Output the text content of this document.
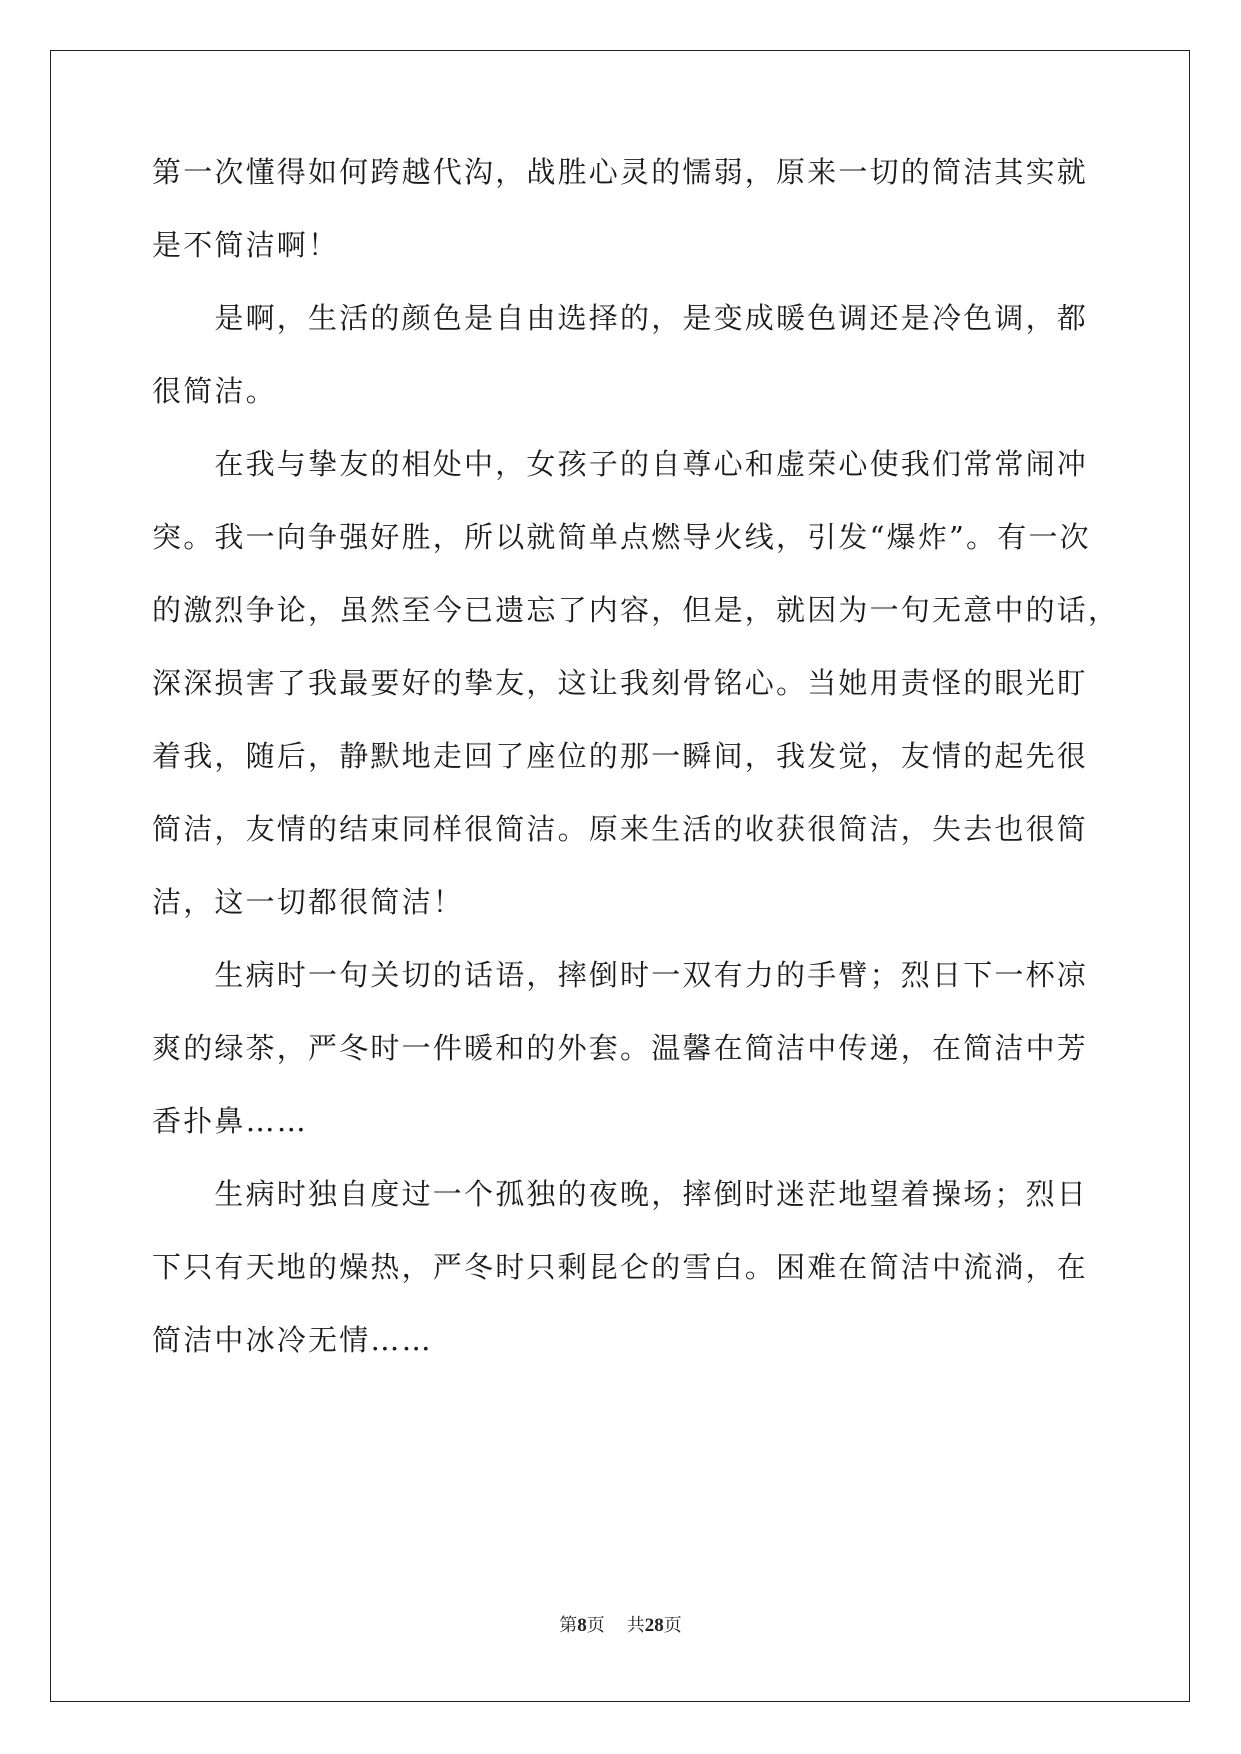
第一次懂得如何跨越代沟，战胜心灵的懦弱，原来一切的简洁其实就
是不简洁啊！
　　是啊，生活的颜色是自由选择的，是变成暖色调还是冷色调，都
很简洁。
　　在我与挚友的相处中，女孩子的自尊心和虚荣心使我们常常闹冲
突。我一向争强好胜，所以就简单点燃导火线，引发“爆炸”。有一次
的激烈争论，虽然至今已遗忘了内容，但是，就因为一句无意中的话，
深深损害了我最要好的挚友，这让我刻骨铭心。当她用责怪的眼光盯
着我，随后，静默地走回了座位的那一瞬间，我发觉，友情的起先很
简洁，友情的结束同样很简洁。原来生活的收获很简洁，失去也很简
洁，这一切都很简洁！
　　生病时一句关切的话语，摔倒时一双有力的手臂；烈日下一杯凉
爽的绿茶，严冬时一件暖和的外套。温馨在简洁中传递，在简洁中芳
香扑鼻……
　　生病时独自度过一个孤独的夜晚，摔倒时迷茫地望着操场；烈日
下只有天地的燥热，严冬时只剩昆仑的雪白。困难在简洁中流淌，在
简洁中冰冷无情……
第8页 共28页
